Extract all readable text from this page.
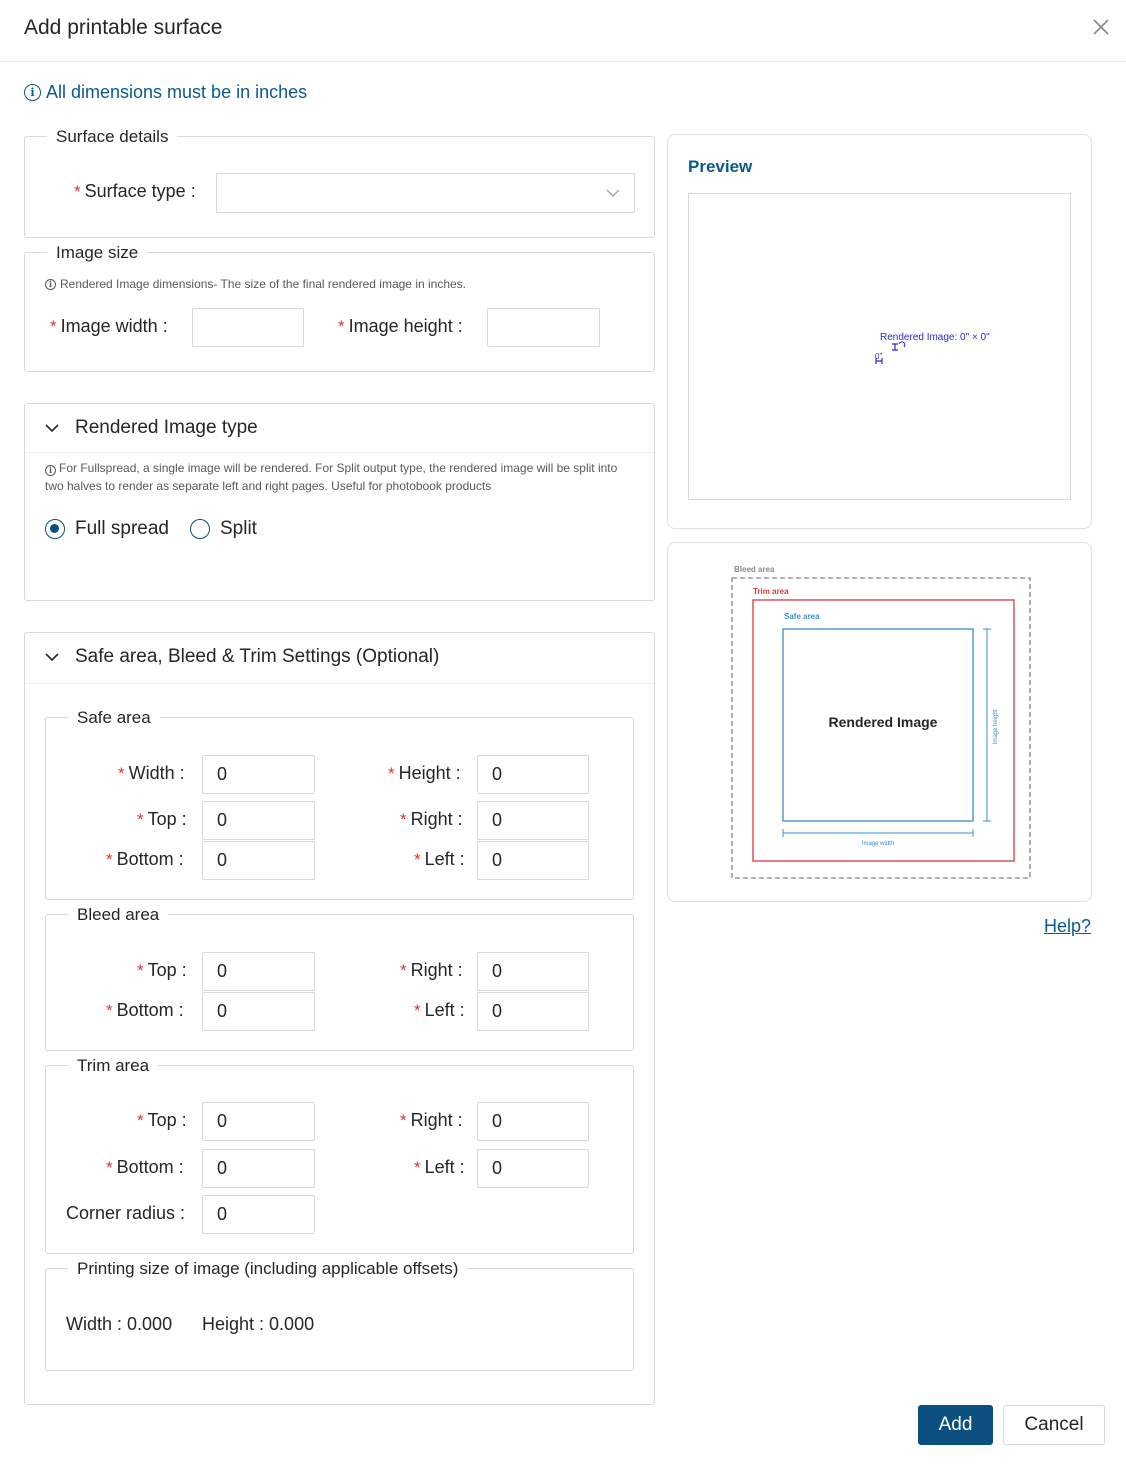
Add printable surface
i All dimensions must be in inches
Surface details
* Surface type :
Image size
i Rendered Image dimensions- The size of the final rendered image in inches.
* Image width :	* Image height :
Rendered Image type
i For Fullspread, a single image will be rendered. For Split output type, the rendered image will be split into two halves to render as separate left and right pages. Useful for photobook products
Full spread	Split
Safe area, Bleed & Trim Settings (Optional)
Safe area
* Width :
0	* Height :
0
* Top :
0	* Right :
0
* Bottom :
0	* Left :
0
Bleed area
* Top :
0	* Right :
0
* Bottom :
0	* Left :
0
Trim area
* Top :
0	* Right :
0
* Bottom :
0	* Left :
0
Corner radius :
0
Printing size of image (including applicable offsets)
Width : 0.000 Height : 0.000
Preview
Rendered Image: 0" × 0"
0"
Bleed area
Trim area
Safe area
Rendered Image	Image height
Image width
Help?
Add	Cancel
